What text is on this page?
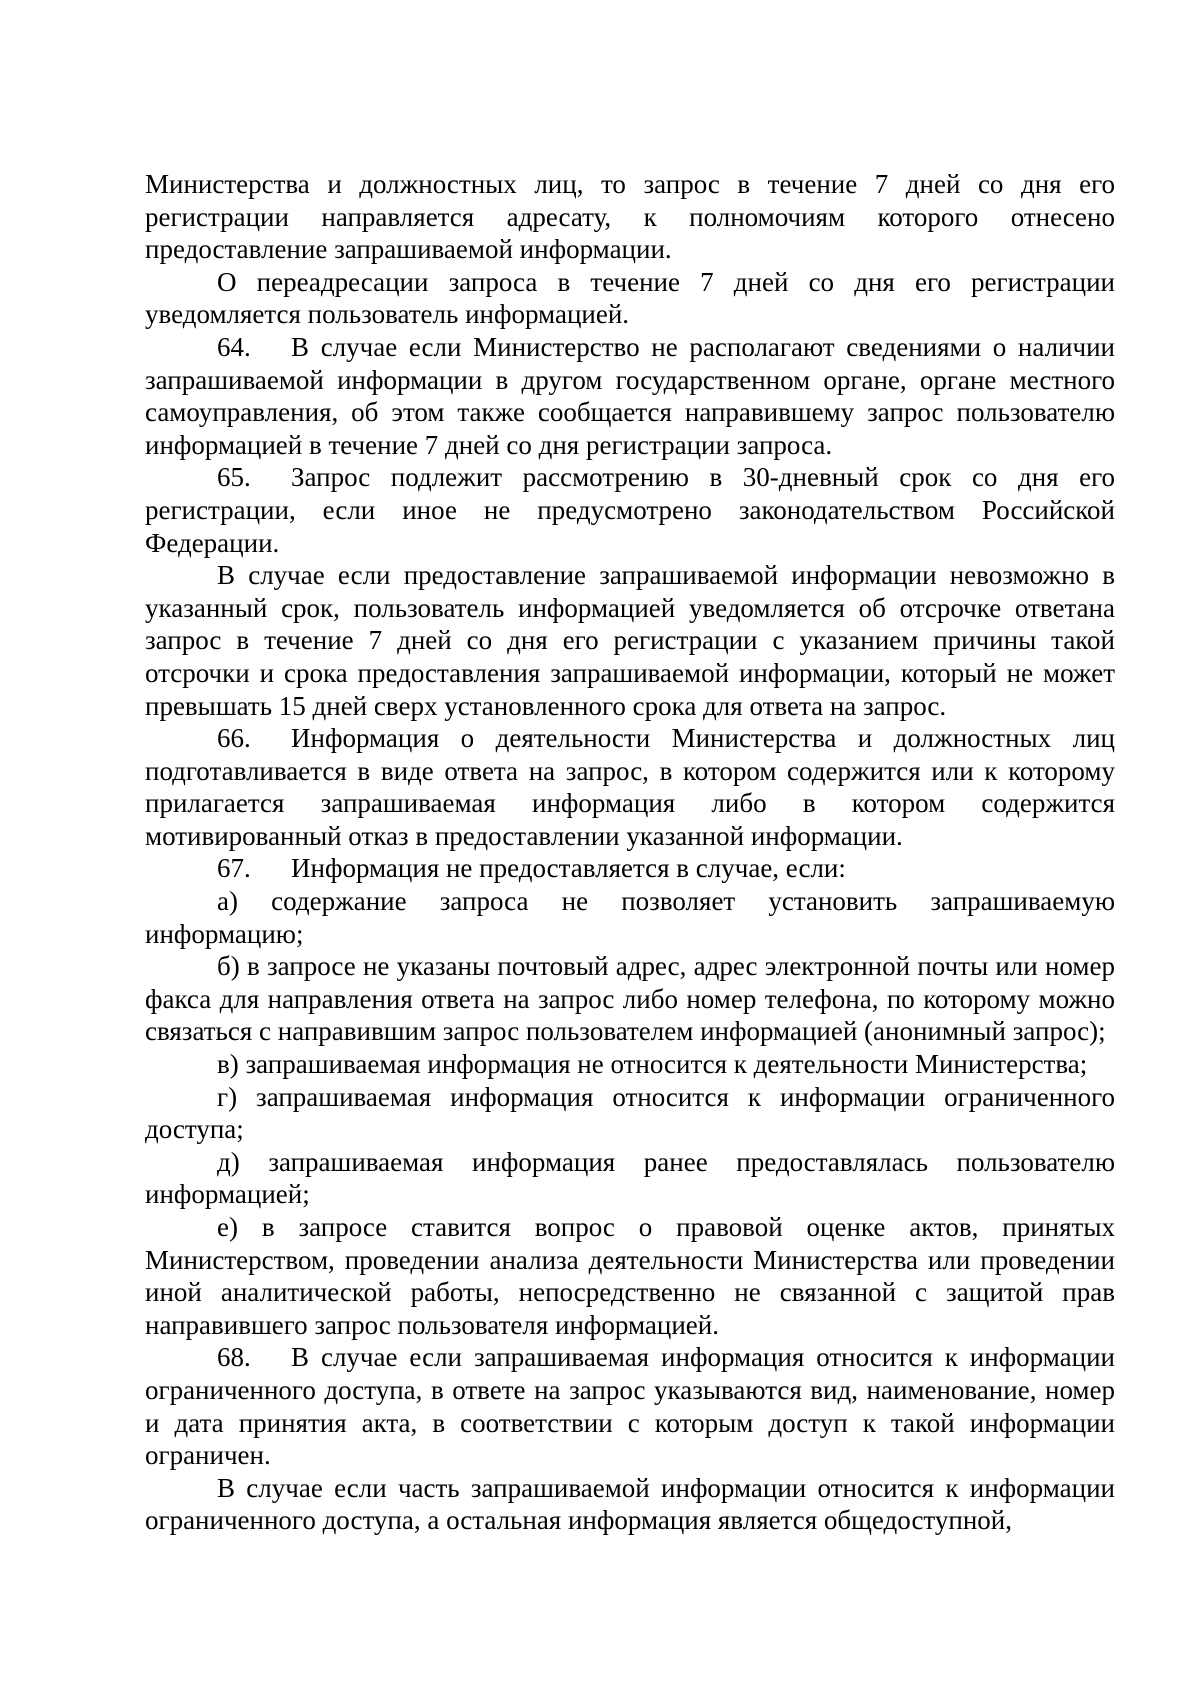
Министерства и должностных лиц, то запрос в течение 7 дней со дня его регистрации направляется адресату, к полномочиям которого отнесено предоставление запрашиваемой информации.

О переадресации запроса в течение 7 дней со дня его регистрации уведомляется пользователь информацией.

64. В случае если Министерство не располагают сведениями о наличии запрашиваемой информации в другом государственном органе, органе местного самоуправления, об этом также сообщается направившему запрос пользователю информацией в течение 7 дней со дня регистрации запроса.

65. Запрос подлежит рассмотрению в 30-дневный срок со дня его регистрации, если иное не предусмотрено законодательством Российской Федерации.

В случае если предоставление запрашиваемой информации невозможно в указанный срок, пользователь информацией уведомляется об отсрочке ответана запрос в течение 7 дней со дня его регистрации с указанием причины такой отсрочки и срока предоставления запрашиваемой информации, который не может превышать 15 дней сверх установленного срока для ответа на запрос.

66. Информация о деятельности Министерства и должностных лиц подготавливается в виде ответа на запрос, в котором содержится или к которому прилагается запрашиваемая информация либо в котором содержится мотивированный отказ в предоставлении указанной информации.

67. Информация не предоставляется в случае, если:

а) содержание запроса не позволяет установить запрашиваемую информацию;

б) в запросе не указаны почтовый адрес, адрес электронной почты или номер факса для направления ответа на запрос либо номер телефона, по которому можно связаться с направившим запрос пользователем информацией (анонимный запрос);

в) запрашиваемая информация не относится к деятельности Министерства;

г) запрашиваемая информация относится к информации ограниченного доступа;

д) запрашиваемая информация ранее предоставлялась пользователю информацией;

е) в запросе ставится вопрос о правовой оценке актов, принятых Министерством, проведении анализа деятельности Министерства или проведении иной аналитической работы, непосредственно не связанной с защитой прав направившего запрос пользователя информацией.

68. В случае если запрашиваемая информация относится к информации ограниченного доступа, в ответе на запрос указываются вид, наименование, номер и дата принятия акта, в соответствии с которым доступ к такой информации ограничен.

В случае если часть запрашиваемой информации относится к информации ограниченного доступа, а остальная информация является общедоступной,
